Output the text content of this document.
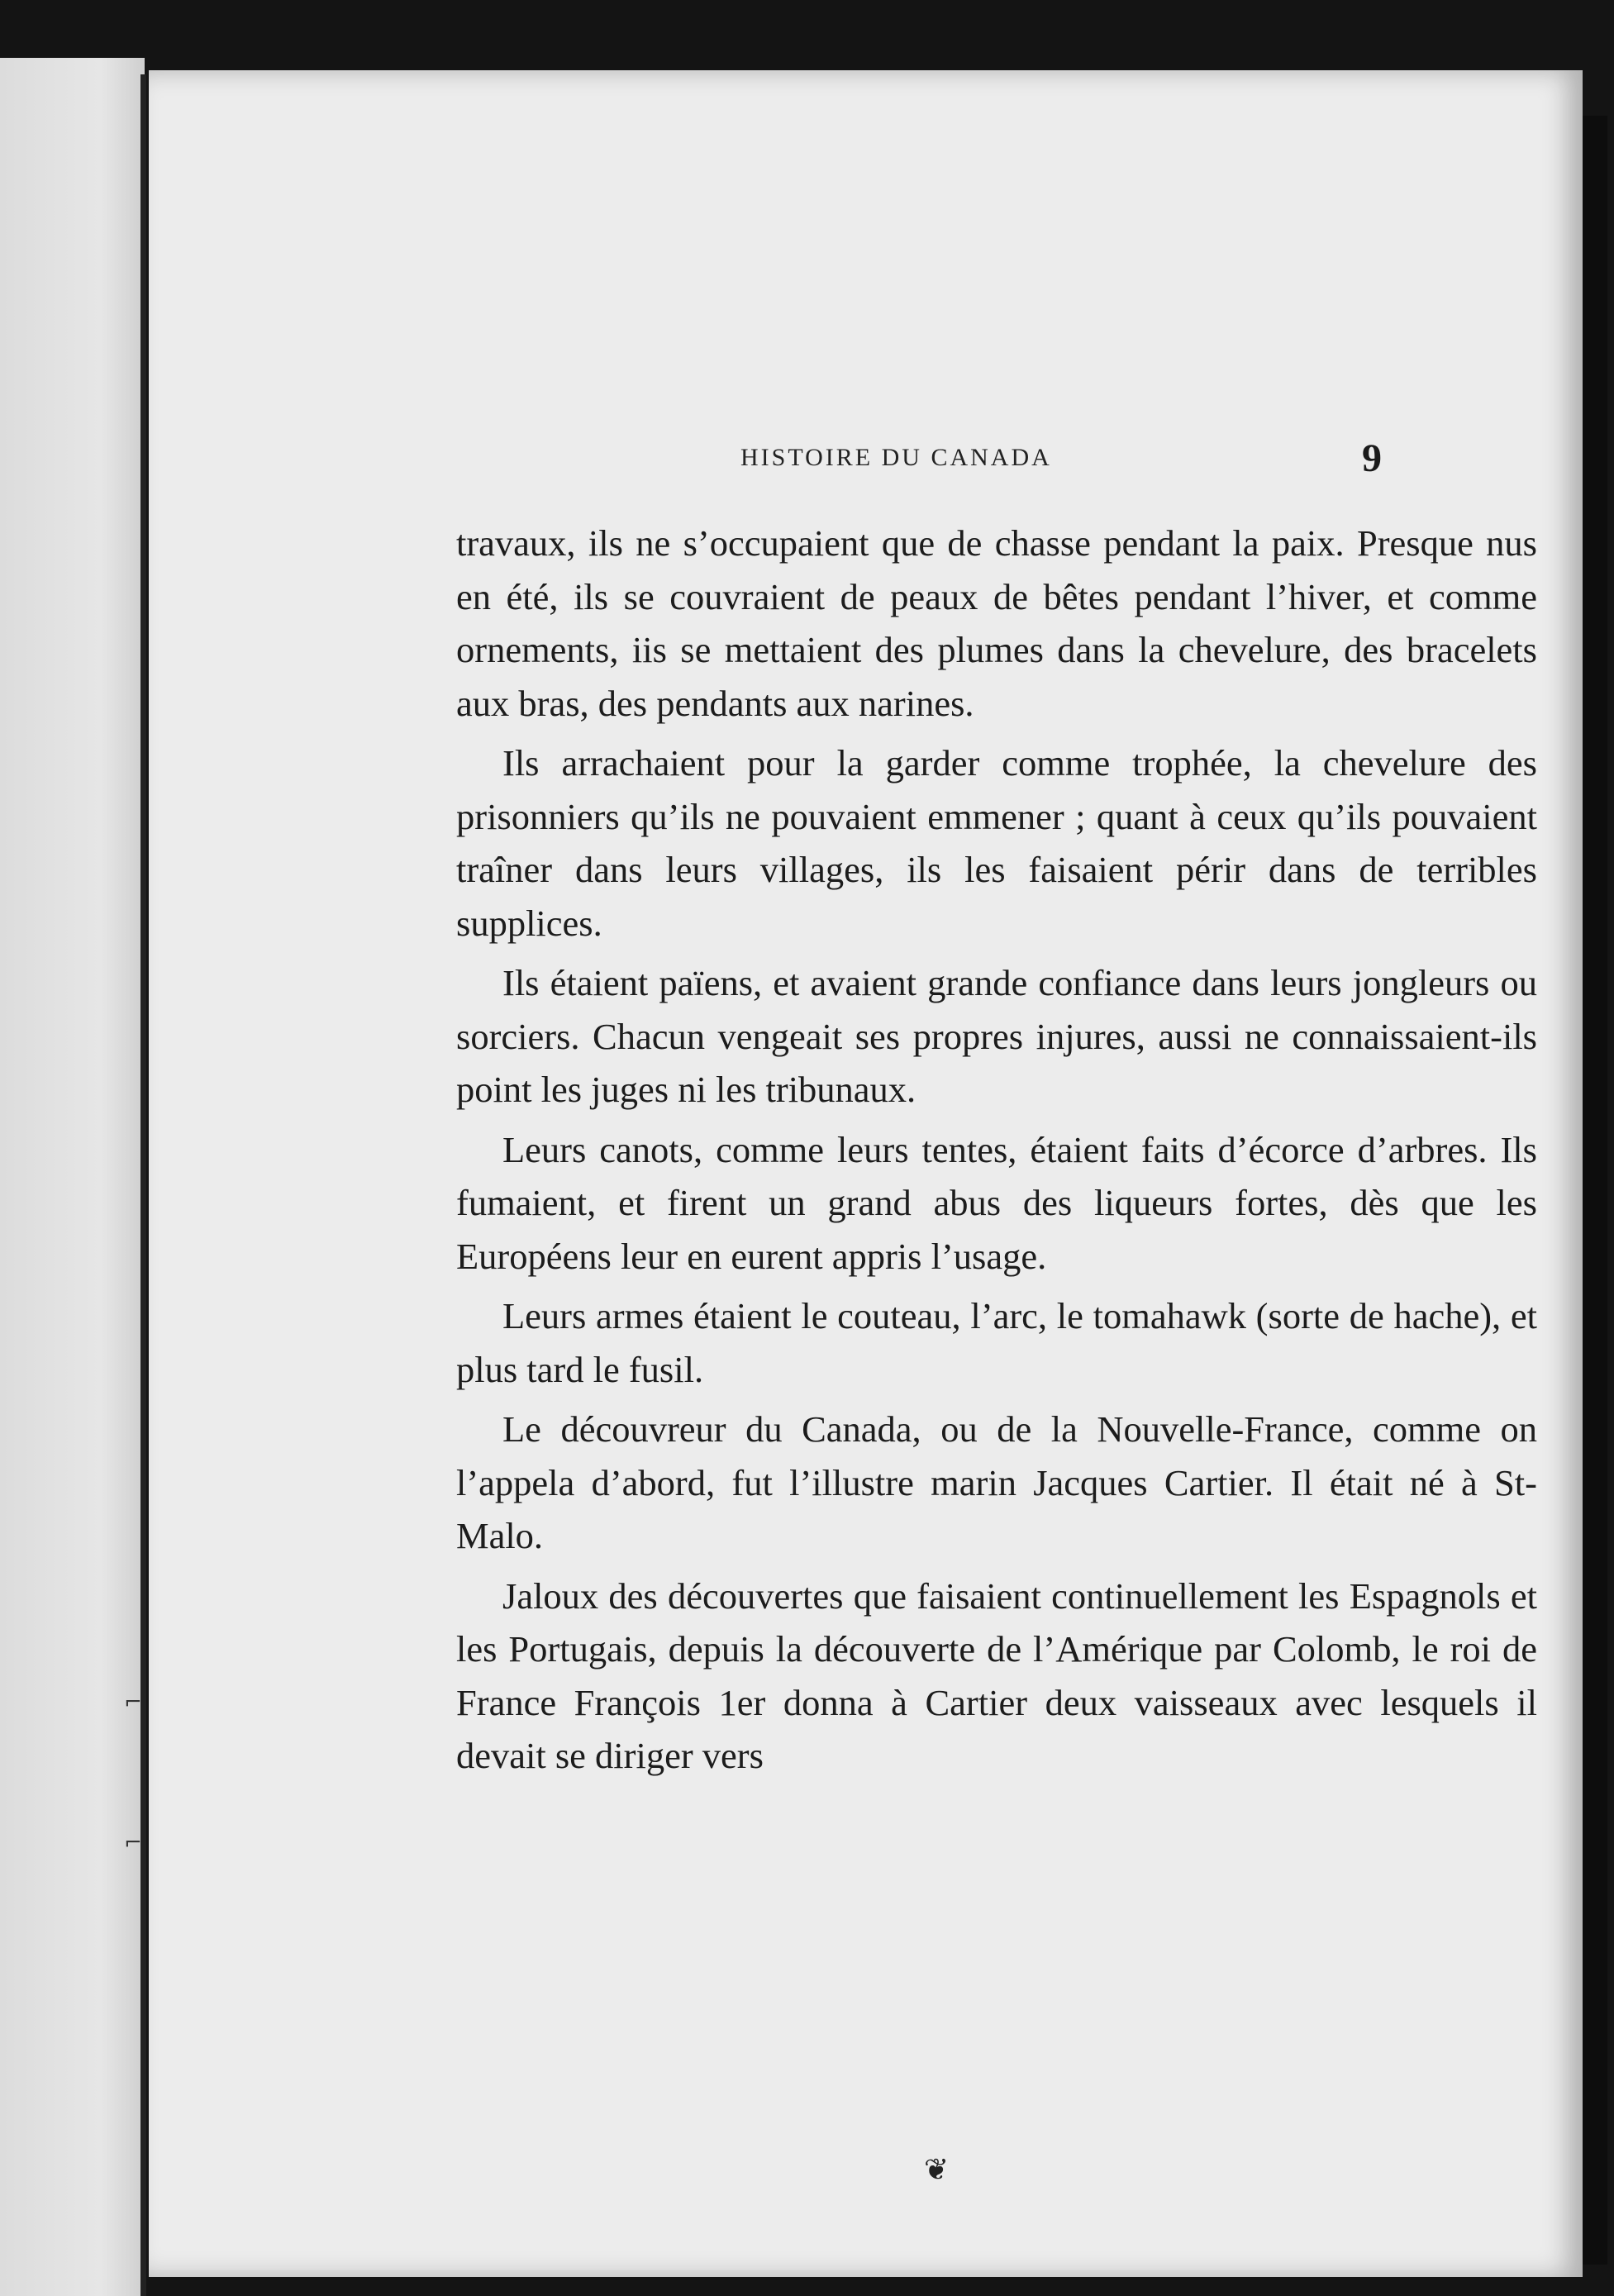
⌐
⌐
HISTOIRE DU CANADA	9

travaux, ils ne s’occupaient que de chasse pendant la paix. Presque nus en été, ils se couvraient de peaux de bêtes pendant l’hiver, et comme ornements, iis se mettaient des plumes dans la chevelure, des bracelets aux bras, des pendants aux narines.

Ils arrachaient pour la garder comme trophée, la chevelure des prisonniers qu’ils ne pouvaient emmener ; quant à ceux qu’ils pouvaient traîner dans leurs villages, ils les faisaient périr dans de terribles supplices.

Ils étaient païens, et avaient grande confiance dans leurs jongleurs ou sorciers. Chacun vengeait ses propres injures, aussi ne connaissaient-ils point les juges ni les tribunaux.

Leurs canots, comme leurs tentes, étaient faits d’écorce d’arbres. Ils fumaient, et firent un grand abus des liqueurs fortes, dès que les Européens leur en eurent appris l’usage.

Leurs armes étaient le couteau, l’arc, le tomahawk (sorte de hache), et plus tard le fusil.

Le découvreur du Canada, ou de la Nouvelle-France, comme on l’appela d’abord, fut l’illustre marin Jacques Cartier. Il était né à St-Malo.

Jaloux des découvertes que faisaient continuellement les Espagnols et les Portugais, depuis la découverte de l’Amérique par Colomb, le roi de France François 1er donna à Cartier deux vaisseaux avec lesquels il devait se diriger vers

❦
